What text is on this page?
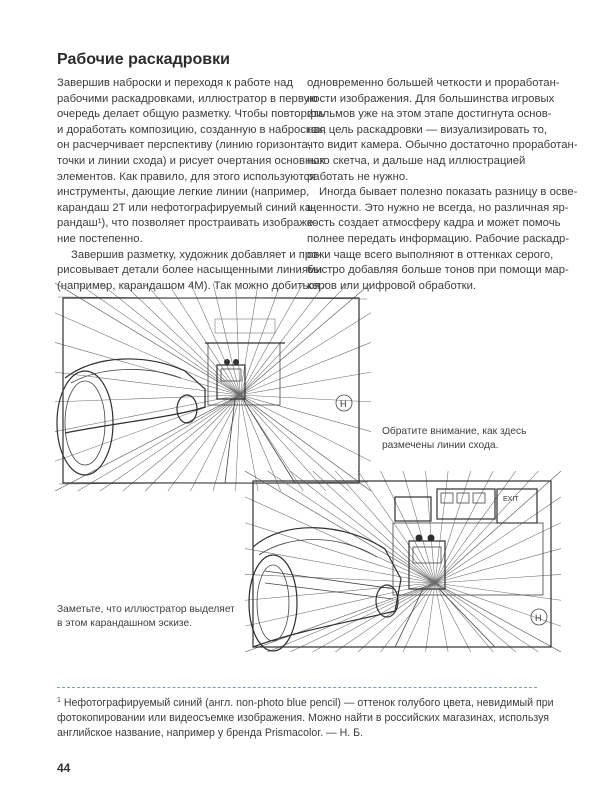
Рабочие раскадровки

Завершив наброски и переходя к работе над

рабочими раскадровками, иллюстратор в первую

очередь делает общую разметку. Чтобы повторить

и доработать композицию, созданную в набросках,

он расчерчивает перспективу (линию горизонта,

точки и линии схода) и рисует очертания основных

элементов. Как правило, для этого используются

инструменты, дающие легкие линии (например,

карандаш 2T или нефотографируемый синий ка-

рандаш¹), что позволяет прострaивать изображе-

ние постепенно.

Завершив разметку, художник добавляет и про-

рисовывает детали более насыщенными линиями

(например, карандашом 4M). Так можно добиться

одновременно большей четкости и проработан-

ности изображения. Для большинства игровых

фильмов уже на этом этапе достигнута основ-

ная цель раскадровки — визуализировать то,

что видит камера. Обычно достаточно проработан-

ного скетча, и дальше над иллюстрацией

работать не нужно.

Иногда бывает полезно показать разницу в осве-

щенности. Это нужно не всегда, но различная яр-

кость создает атмосферу кадра и может помочь

полнее передать информацию. Рабочие раскадр-

овки чаще всего выполняют в оттенках серого,

быстро добавляя больше тонов при помощи мар-

керов или цифровой обработки.

H

Обратите внимание, как здесь

размечены линии схода.

EXIT
H

Заметьте, что иллюстратор выделяет

в этом карандашном эскизе.

$^1$ Нефотографируемый синий (англ. non-photo blue pencil) — оттенок голубого цвета, невидимый при

фотокопировании или видеосъемке изображения. Можно найти в российских магазинах, используя

английское название, например у бренда Prismacolor. — Н. Б.

44
